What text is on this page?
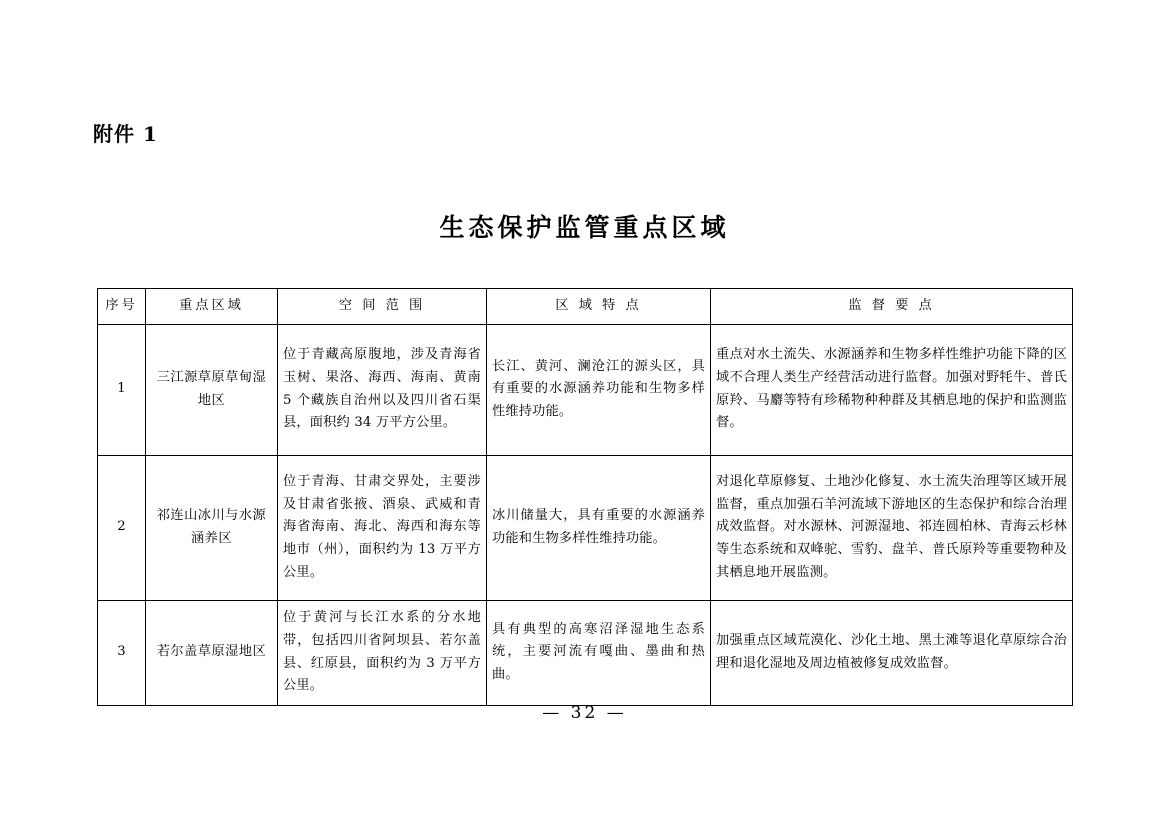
附件 1
生态保护监管重点区域
序号	重点区域	空 间 范 围	区 域 特 点	监 督 要 点
1	三江源草原草甸湿地区	位于青藏高原腹地，涉及青海省玉树、果洛、海西、海南、黄南 5 个藏族自治州以及四川省石渠县，面积约 34 万平方公里。	长江、黄河、澜沧江的源头区，具有重要的水源涵养功能和生物多样性维持功能。	重点对水土流失、水源涵养和生物多样性维护功能下降的区域不合理人类生产经营活动进行监督。加强对野牦牛、普氏原羚、马麝等特有珍稀物种种群及其栖息地的保护和监测监督。
2	祁连山冰川与水源涵养区	位于青海、甘肃交界处，主要涉及甘肃省张掖、酒泉、武威和青海省海南、海北、海西和海东等地市（州），面积约为 13 万平方公里。	冰川储量大，具有重要的水源涵养功能和生物多样性维持功能。	对退化草原修复、土地沙化修复、水土流失治理等区域开展监督，重点加强石羊河流域下游地区的生态保护和综合治理成效监督。对水源林、河源湿地、祁连圆柏林、青海云杉林等生态系统和双峰驼、雪豹、盘羊、普氏原羚等重要物种及其栖息地开展监测。
3	若尔盖草原湿地区	位于黄河与长江水系的分水地带，包括四川省阿坝县、若尔盖县、红原县，面积约为 3 万平方公里。	具有典型的高寒沼泽湿地生态系统，主要河流有嘎曲、墨曲和热曲。	加强重点区域荒漠化、沙化土地、黑土滩等退化草原综合治理和退化湿地及周边植被修复成效监督。
— 32 —
